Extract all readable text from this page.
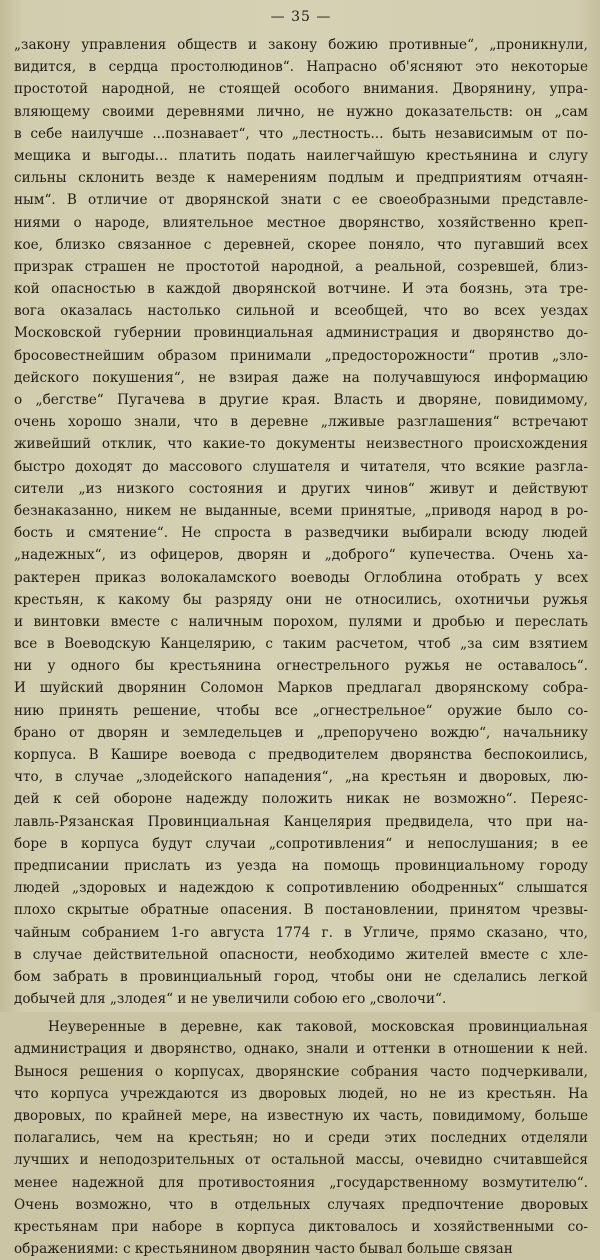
— 35 —
„закону управления обществ и закону божию противные“, „проникнули,
видится, в сердца простолюдинов“. Напрасно об'ясняют это некоторые
простотой народной, не стоящей особого внимания. Дворянину, упра-
вляющему своими деревнями лично, не нужно доказательств: он „сам
в себе наилучше ...познавает“, что „лестность... быть независимым от по-
мещика и выгоды... платить подать наилегчайшую крестьянина и слугу
сильны склонить везде к намерениям подлым и предприятиям отчаян-
ным“. В отличие от дворянской знати с ее своеобразными представле-
ниями о народе, влиятельное местное дворянство, хозяйственно креп-
кое, близко связанное с деревней, скорее поняло, что пугавший всех
призрак страшен не простотой народной, а реальной, созревшей, близ-
кой опасностью в каждой дворянской вотчине. И эта боязнь, эта тре-
вога оказалась настолько сильной и всеобщей, что во всех уездах
Московской губернии провинциальная администрация и дворянство до-
бросовестнейшим образом принимали „предосторожности“ против „зло-
дейского покушения“, не взирая даже на получавшуюся информацию
о „бегстве“ Пугачева в другие края. Власть и дворяне, повидимому,
очень хорошо знали, что в деревне „лживые разглашения“ встречают
живейший отклик, что какие-то документы неизвестного происхождения
быстро доходят до массового слушателя и читателя, что всякие разгла-
сители „из низкого состояния и других чинов“ живут и действуют
безнаказанно, никем не выданные, всеми принятые, „приводя народ в ро-
бость и смятение“. Не спроста в разведчики выбирали всюду людей
„надежных“, из офицеров, дворян и „доброго“ купечества. Очень ха-
рактерен приказ волокаламского воеводы Оглоблина отобрать у всех
крестьян, к какому бы разряду они не относились, охотничьи ружья
и винтовки вместе с наличным порохом, пулями и дробью и переслать
все в Воеводскую Канцелярию, с таким расчетом, чтоб „за сим взятием
ни у одного бы крестьянина огнестрельного ружья не оставалось“.
И шуйский дворянин Соломон Марков предлагал дворянскому собра-
нию принять решение, чтобы все „огнестрельное“ оружие было со-
брано от дворян и земледельцев и „препоручено вождю“, начальнику
корпуса. В Кашире воевода с предводителем дворянства беспокоились,
что, в случае „злодейского нападения“, „на крестьян и дворовых, лю-
дей к сей обороне надежду положить никак не возможно“. Переяс-
лавль-Рязанская Провинциальная Канцелярия предвидела, что при на-
боре в корпуса будут случаи „сопротивления“ и непослушания; в ее
предписании прислать из уезда на помощь провинциальному городу
людей „здоровых и надеждою к сопротивлению ободренных“ слышатся
плохо скрытые обратные опасения. В постановлении, принятом чрезвы-
чайным собранием 1-го августа 1774 г. в Угличе, прямо сказано, что,
в случае действительной опасности, необходимо жителей вместе с хле-
бом забрать в провинциальный город, чтобы они не сделались легкой
добычей для „злодея“ и не увеличили собою его „сволочи“.
Неуверенные в деревне, как таковой, московская провинциальная
администрация и дворянство, однако, знали и оттенки в отношении к ней.
Вынося решения о корпусах, дворянские собрания часто подчеркивали,
что корпуса учреждаются из дворовых людей, но не из крестьян. На
дворовых, по крайней мере, на известную их часть, повидимому, больше
полагались, чем на крестьян; но и среди этих последних отделяли
лучших и неподозрительных от остальной массы, очевидно считавшейся
менее надежной для противостояния „государственному возмутителю“.
Очень возможно, что в отдельных случаях предпочтение дворовых
крестьянам при наборе в корпуса диктовалось и хозяйственными со-
ображениями: с крестьянином дворянин часто бывал больше связан
